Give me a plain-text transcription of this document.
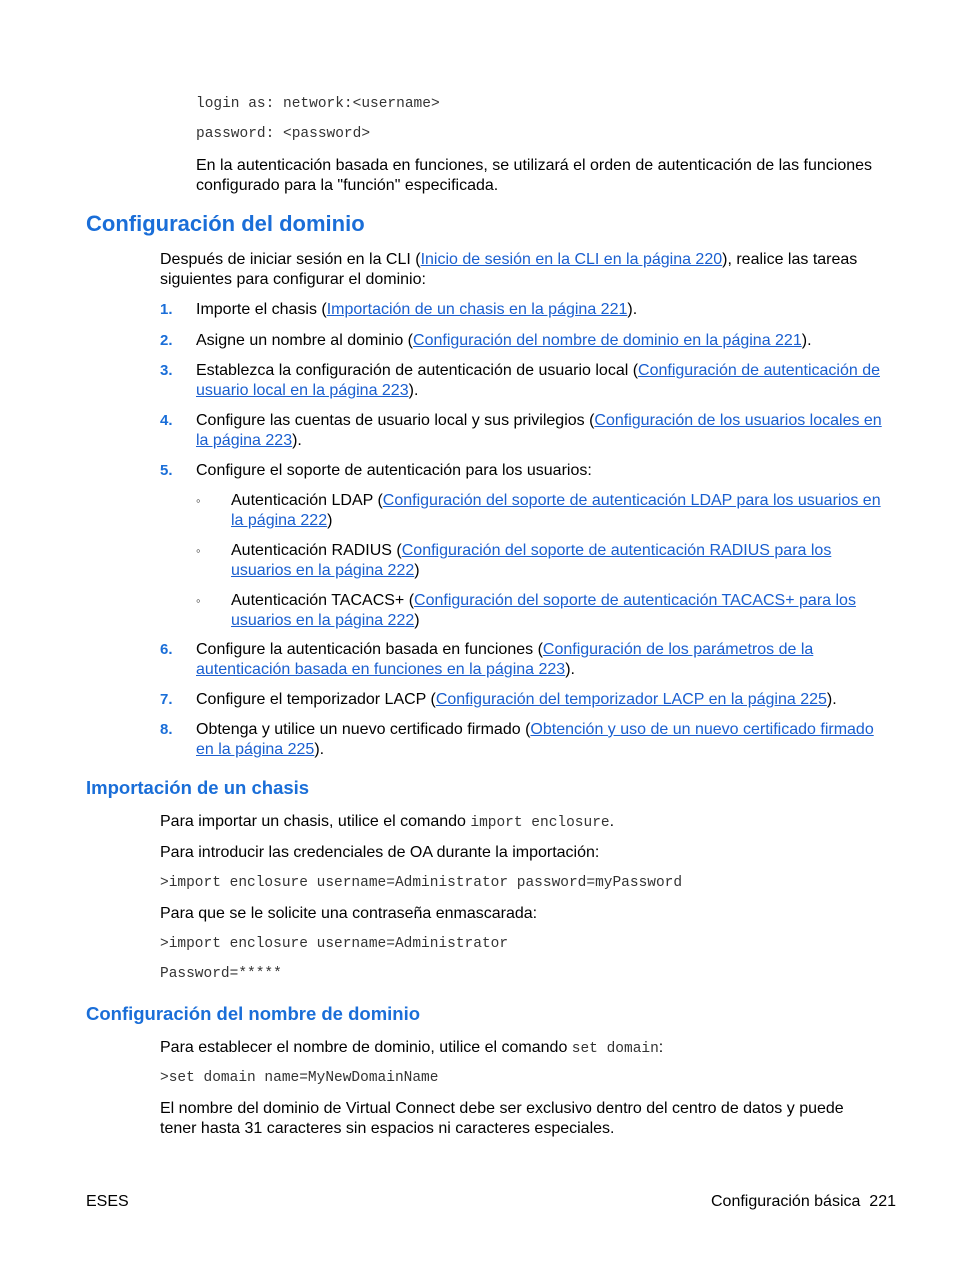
login as: network:<username>
password: <password>
En la autenticación basada en funciones, se utilizará el orden de autenticación de las funciones configurado para la "función" especificada.
Configuración del dominio
Después de iniciar sesión en la CLI (Inicio de sesión en la CLI en la página 220), realice las tareas siguientes para configurar el dominio:
1. Importe el chasis (Importación de un chasis en la página 221).
2. Asigne un nombre al dominio (Configuración del nombre de dominio en la página 221).
3. Establezca la configuración de autenticación de usuario local (Configuración de autenticación de usuario local en la página 223).
4. Configure las cuentas de usuario local y sus privilegios (Configuración de los usuarios locales en la página 223).
5. Configure el soporte de autenticación para los usuarios:
◦ Autenticación LDAP (Configuración del soporte de autenticación LDAP para los usuarios en la página 222)
◦ Autenticación RADIUS (Configuración del soporte de autenticación RADIUS para los usuarios en la página 222)
◦ Autenticación TACACS+ (Configuración del soporte de autenticación TACACS+ para los usuarios en la página 222)
6. Configure la autenticación basada en funciones (Configuración de los parámetros de la autenticación basada en funciones en la página 223).
7. Configure el temporizador LACP (Configuración del temporizador LACP en la página 225).
8. Obtenga y utilice un nuevo certificado firmado (Obtención y uso de un nuevo certificado firmado en la página 225).
Importación de un chasis
Para importar un chasis, utilice el comando import enclosure.
Para introducir las credenciales de OA durante la importación:
>import enclosure username=Administrator password=myPassword
Para que se le solicite una contraseña enmascarada:
>import enclosure username=Administrator
Password=*****
Configuración del nombre de dominio
Para establecer el nombre de dominio, utilice el comando set domain:
>set domain name=MyNewDomainName
El nombre del dominio de Virtual Connect debe ser exclusivo dentro del centro de datos y puede tener hasta 31 caracteres sin espacios ni caracteres especiales.
ESES	Configuración básica 221
